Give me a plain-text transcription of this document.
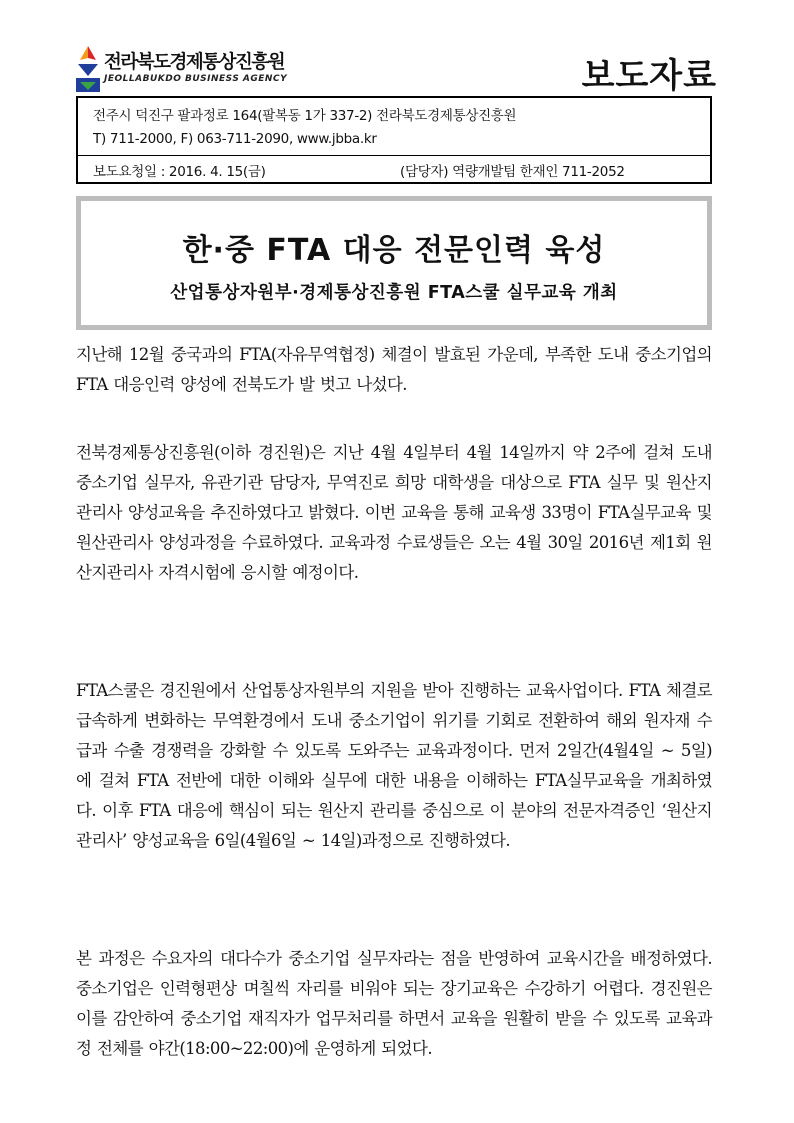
전라북도경제통상진흥원
JEOLLABUKDO BUSINESS AGENCY	보도자료
전주시 덕진구 팔과정로 164(팔복동 1가 337-2) 전라북도경제통상진흥원
T) 711-2000, F) 063-711-2090, www.jbba.kr
보도요청일 : 2016. 4. 15(금)	(담당자) 역량개발팀 한재인 711-2052
한·중 FTA 대응 전문인력 육성
산업통상자원부·경제통상진흥원 FTA스쿨 실무교육 개최

지난해 12월 중국과의 FTA(자유무역협정) 체결이 발효된 가운데, 부족한 도내 중소기업의 FTA 대응인력 양성에 전북도가 발 벗고 나섰다.

전북경제통상진흥원(이하 경진원)은 지난 4월 4일부터 4월 14일까지 약 2주에 걸쳐 도내 중소기업 실무자, 유관기관 담당자, 무역진로 희망 대학생을 대상으로 FTA 실무 및 원산지관리사 양성교육을 추진하였다고 밝혔다. 이번 교육을 통해 교육생 33명이 FTA실무교육 및 원산관리사 양성과정을 수료하였다. 교육과정 수료생들은 오는 4월 30일 2016년 제1회 원산지관리사 자격시험에 응시할 예정이다.

FTA스쿨은 경진원에서 산업통상자원부의 지원을 받아 진행하는 교육사업이다. FTA 체결로 급속하게 변화하는 무역환경에서 도내 중소기업이 위기를 기회로 전환하여 해외 원자재 수급과 수출 경쟁력을 강화할 수 있도록 도와주는 교육과정이다. 먼저 2일간(4월4일 ~ 5일)에 걸쳐 FTA 전반에 대한 이해와 실무에 대한 내용을 이해하는 FTA실무교육을 개최하였다. 이후 FTA 대응에 핵심이 되는 원산지 관리를 중심으로 이 분야의 전문자격증인 ‘원산지관리사’ 양성교육을 6일(4월6일 ~ 14일)과정으로 진행하였다.

본 과정은 수요자의 대다수가 중소기업 실무자라는 점을 반영하여 교육시간을 배정하였다. 중소기업은 인력형편상 며칠씩 자리를 비워야 되는 장기교육은 수강하기 어렵다. 경진원은 이를 감안하여 중소기업 재직자가 업무처리를 하면서 교육을 원활히 받을 수 있도록 교육과정 전체를 야간(18:00~22:00)에 운영하게 되었다.
